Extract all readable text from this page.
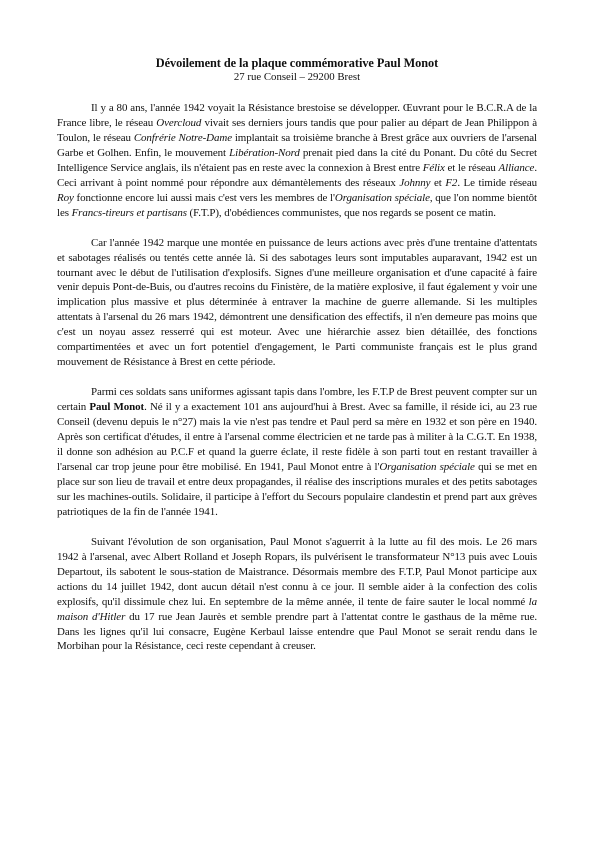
Dévoilement de la plaque commémorative Paul Monot

27 rue Conseil – 29200 Brest

Il y a 80 ans, l'année 1942 voyait la Résistance brestoise se développer. Œuvrant pour le B.C.R.A de la France libre, le réseau Overcloud vivait ses derniers jours tandis que pour palier au départ de Jean Philippon à Toulon, le réseau Confrérie Notre-Dame implantait sa troisième branche à Brest grâce aux ouvriers de l'arsenal Garbe et Golhen. Enfin, le mouvement Libération-Nord prenait pied dans la cité du Ponant. Du côté du Secret Intelligence Service anglais, ils n'étaient pas en reste avec la connexion à Brest entre Félix et le réseau Alliance. Ceci arrivant à point nommé pour répondre aux démantèlements des réseaux Johnny et F2. Le timide réseau Roy fonctionne encore lui aussi mais c'est vers les membres de l'Organisation spéciale, que l'on nomme bientôt les Francs-tireurs et partisans (F.T.P), d'obédiences communistes, que nos regards se posent ce matin.

Car l'année 1942 marque une montée en puissance de leurs actions avec près d'une trentaine d'attentats et sabotages réalisés ou tentés cette année là. Si des sabotages leurs sont imputables auparavant, 1942 est un tournant avec le début de l'utilisation d'explosifs. Signes d'une meilleure organisation et d'une capacité à faire venir depuis Pont-de-Buis, ou d'autres recoins du Finistère, de la matière explosive, il faut également y voir une implication plus massive et plus déterminée à entraver la machine de guerre allemande. Si les multiples attentats à l'arsenal du 26 mars 1942, démontrent une densification des effectifs, il n'en demeure pas moins que c'est un noyau assez resserré qui est moteur. Avec une hiérarchie assez bien détaillée, des fonctions compartimentées et avec un fort potentiel d'engagement, le Parti communiste français est le plus grand mouvement de Résistance à Brest en cette période.

Parmi ces soldats sans uniformes agissant tapis dans l'ombre, les F.T.P de Brest peuvent compter sur un certain Paul Monot. Né il y a exactement 101 ans aujourd'hui à Brest. Avec sa famille, il réside ici, au 23 rue Conseil (devenu depuis le n°27) mais la vie n'est pas tendre et Paul perd sa mère en 1932 et son père en 1940. Après son certificat d'études, il entre à l'arsenal comme électricien et ne tarde pas à militer à la C.G.T. En 1938, il donne son adhésion au P.C.F et quand la guerre éclate, il reste fidèle à son parti tout en restant travailler à l'arsenal car trop jeune pour être mobilisé. En 1941, Paul Monot entre à l'Organisation spéciale qui se met en place sur son lieu de travail et entre deux propagandes, il réalise des inscriptions murales et des petits sabotages sur les machines-outils. Solidaire, il participe à l'effort du Secours populaire clandestin et prend part aux grèves patriotiques de la fin de l'année 1941.

Suivant l'évolution de son organisation, Paul Monot s'aguerrit à la lutte au fil des mois. Le 26 mars 1942 à l'arsenal, avec Albert Rolland et Joseph Ropars, ils pulvérisent le transformateur N°13 puis avec Louis Departout, ils sabotent le sous-station de Maistrance. Désormais membre des F.T.P, Paul Monot participe aux actions du 14 juillet 1942, dont aucun détail n'est connu à ce jour. Il semble aider à la confection des colis explosifs, qu'il dissimule chez lui. En septembre de la même année, il tente de faire sauter le local nommé la maison d'Hitler du 17 rue Jean Jaurès et semble prendre part à l'attentat contre le gasthaus de la même rue. Dans les lignes qu'il lui consacre, Eugène Kerbaul laisse entendre que Paul Monot se serait rendu dans le Morbihan pour la Résistance, ceci reste cependant à creuser.
